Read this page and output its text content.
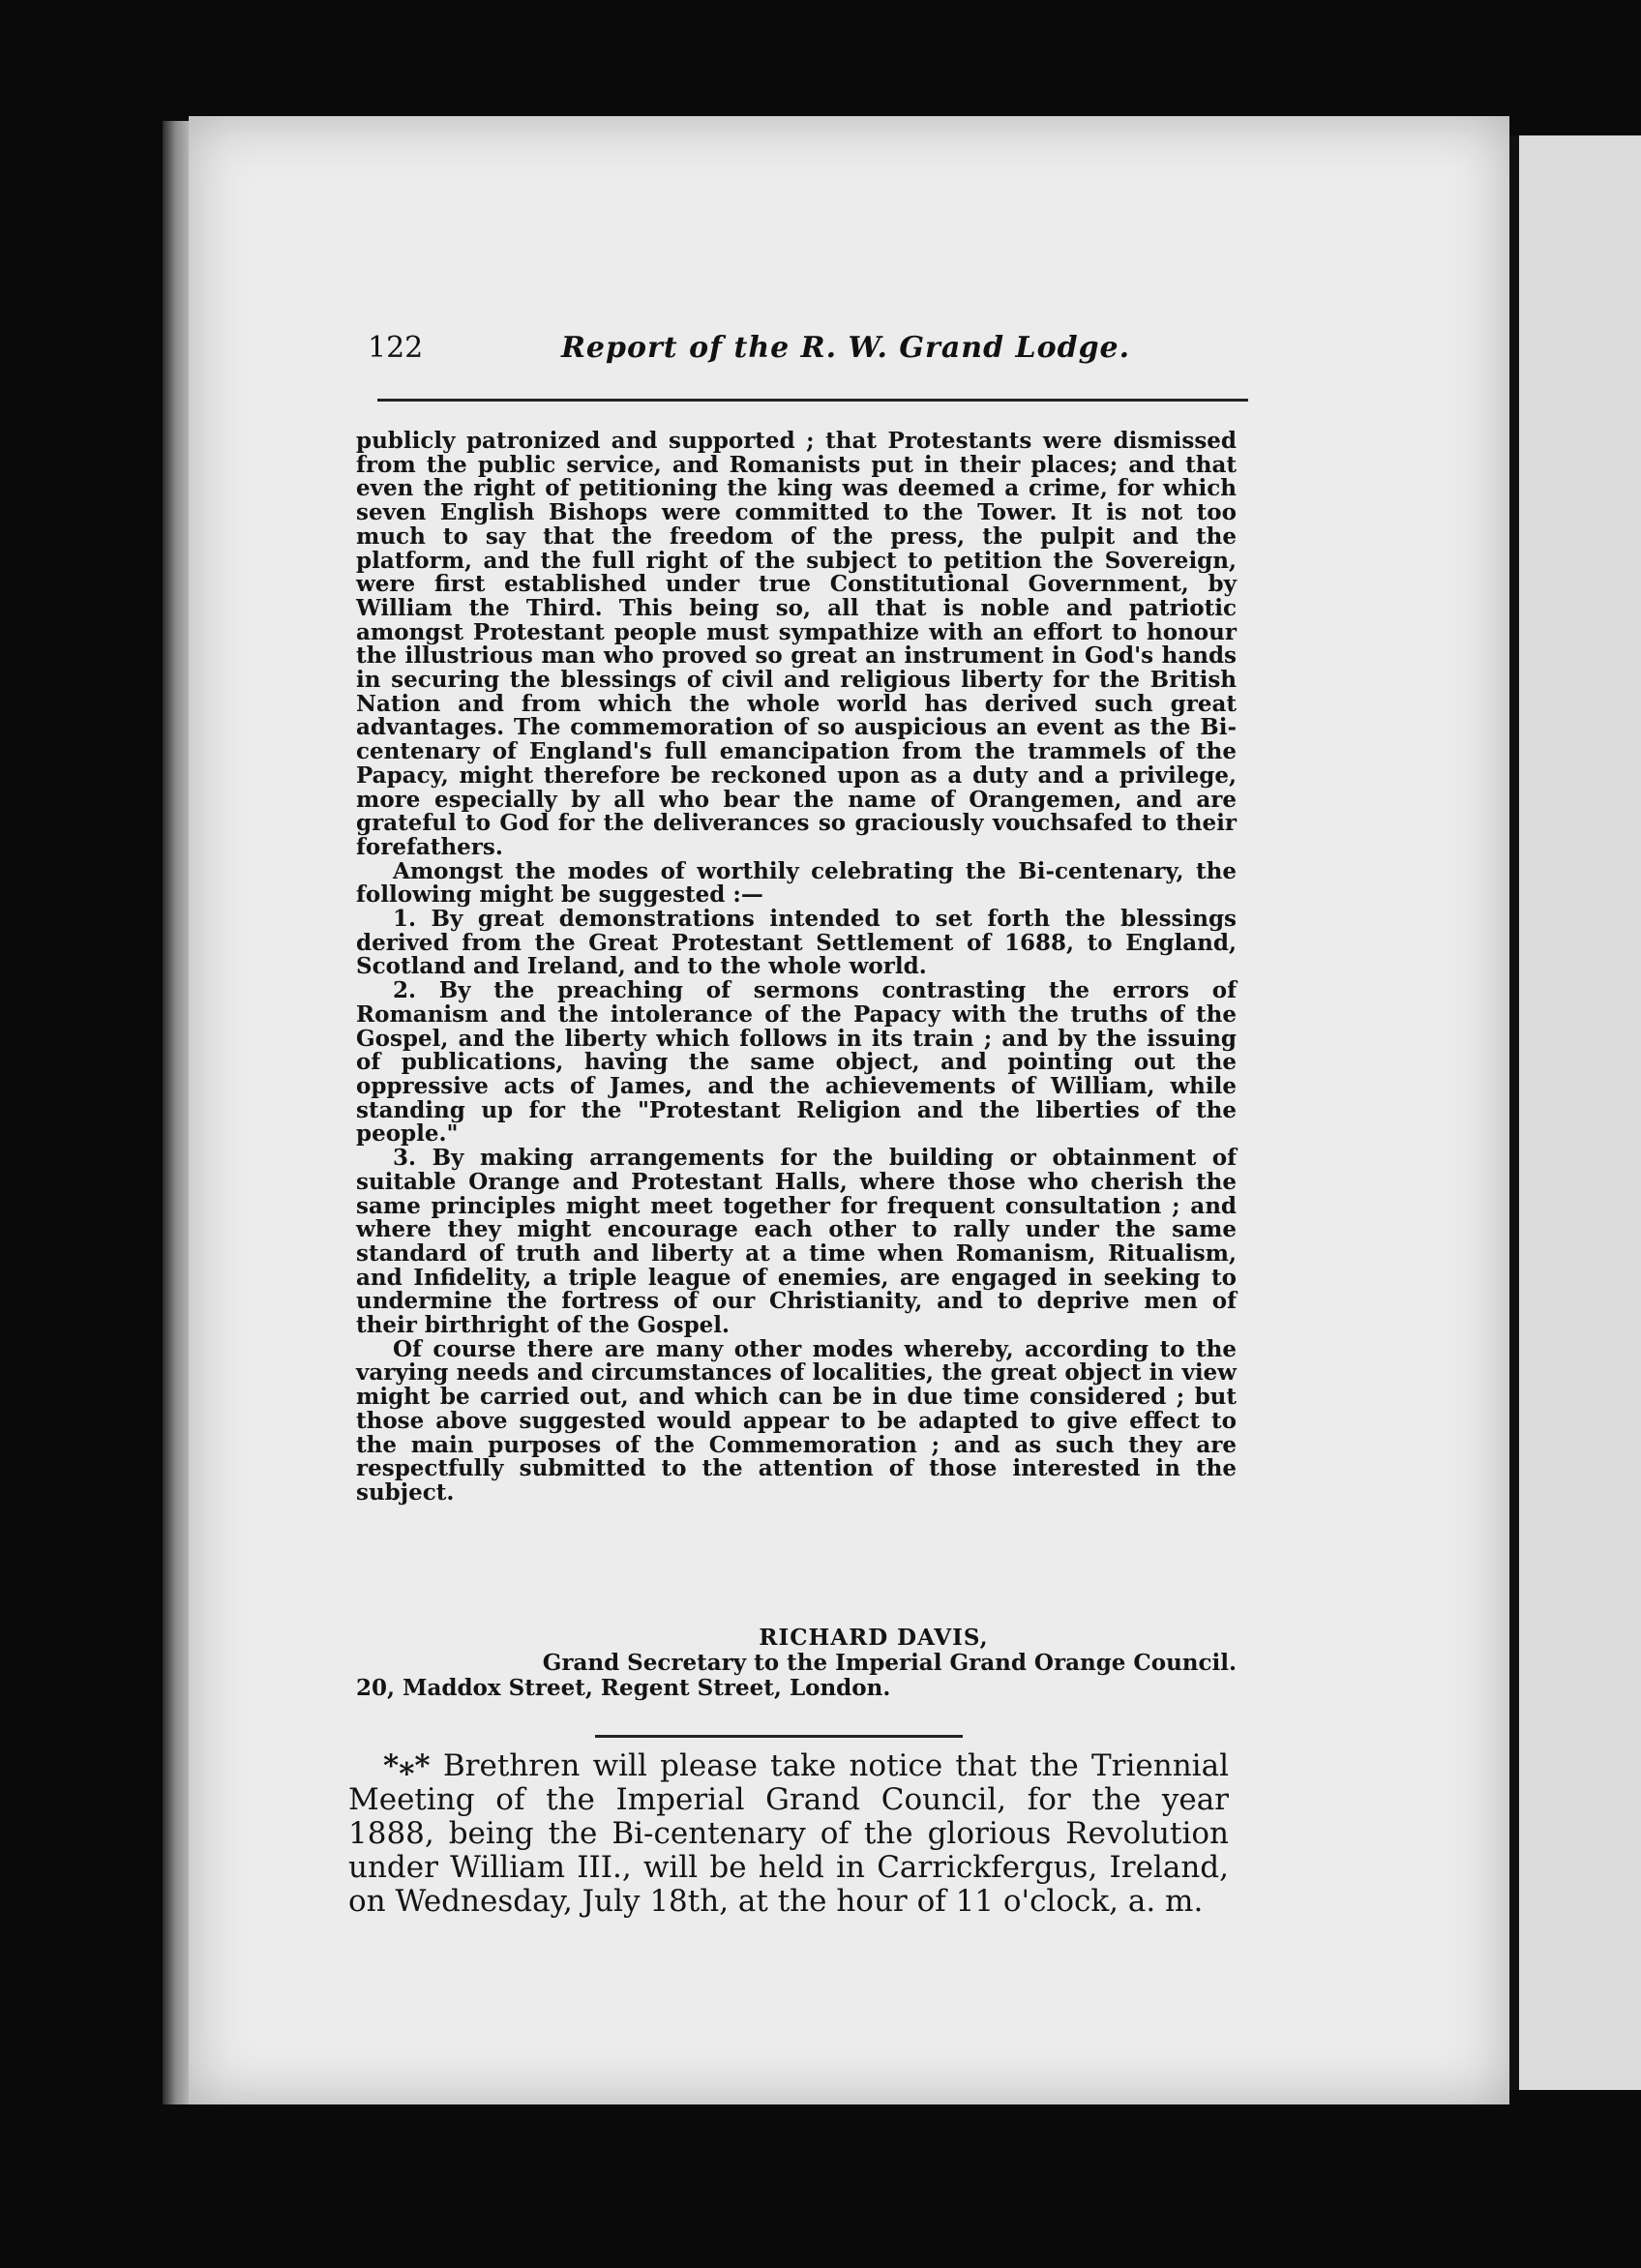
122	Report of the R. W. Grand Lodge.

publicly patronized and supported ; that Protestants were dismissed from the public service, and Romanists put in their places; and that even the right of petitioning the king was deemed a crime, for which seven English Bishops were committed to the Tower. It is not too much to say that the freedom of the press, the pulpit and the platform, and the full right of the subject to petition the Sovereign, were first established under true Constitutional Government, by William the Third. This being so, all that is noble and patriotic amongst Protestant people must sympathize with an effort to honour the illustrious man who proved so great an instrument in God's hands in securing the blessings of civil and religious liberty for the British Nation and from which the whole world has derived such great advantages. The commemoration of so auspicious an event as the Bi-centenary of England's full emancipation from the trammels of the Papacy, might therefore be reckoned upon as a duty and a privilege, more especially by all who bear the name of Orangemen, and are grateful to God for the deliverances so graciously vouchsafed to their forefathers.

Amongst the modes of worthily celebrating the Bi-centenary, the following might be suggested :—

1. By great demonstrations intended to set forth the blessings derived from the Great Protestant Settlement of 1688, to England, Scotland and Ireland, and to the whole world.

2. By the preaching of sermons contrasting the errors of Romanism and the intolerance of the Papacy with the truths of the Gospel, and the liberty which follows in its train ; and by the issuing of publications, having the same object, and pointing out the oppressive acts of James, and the achievements of William, while standing up for the "Protestant Religion and the liberties of the people."

3. By making arrangements for the building or obtainment of suitable Orange and Protestant Halls, where those who cherish the same principles might meet together for frequent consultation ; and where they might encourage each other to rally under the same standard of truth and liberty at a time when Romanism, Ritualism, and Infidelity, a triple league of enemies, are engaged in seeking to undermine the fortress of our Christianity, and to deprive men of their birthright of the Gospel.

Of course there are many other modes whereby, according to the varying needs and circumstances of localities, the great object in view might be carried out, and which can be in due time considered ; but those above suggested would appear to be adapted to give effect to the main purposes of the Commemoration ; and as such they are respectfully submitted to the attention of those interested in the subject.

RICHARD DAVIS,
Grand Secretary to the Imperial Grand Orange Council.
20, Maddox Street, Regent Street, London.
*⁎* Brethren will please take notice that the Triennial Meeting of the Imperial Grand Council, for the year 1888, being the Bi-centenary of the glorious Revolution under William III., will be held in Carrickfergus, Ireland, on Wednesday, July 18th, at the hour of 11 o'clock, a. m.
